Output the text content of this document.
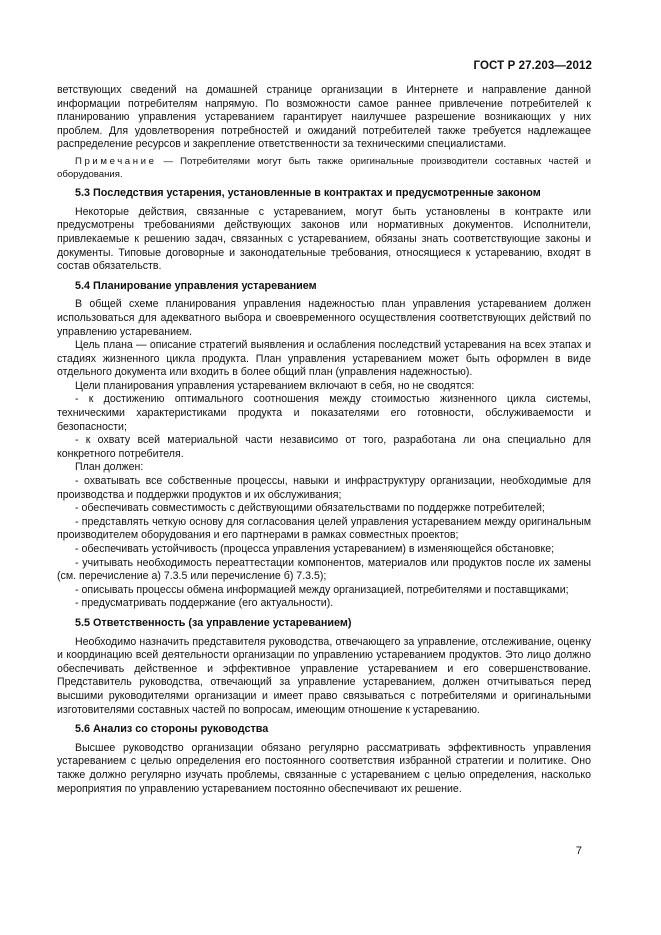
ГОСТ Р 27.203—2012

ветствующих сведений на домашней странице организации в Интернете и направление данной информации потребителям напрямую. По возможности самое раннее привлечение потребителей к планированию управления устареванием гарантирует наилучшее разрешение возникающих у них проблем. Для удовлетворения потребностей и ожиданий потребителей также требуется надлежащее распределение ресурсов и закрепление ответственности за техническими специалистами.

Примечание — Потребителями могут быть также оригинальные производители составных частей и оборудования.

5.3 Последствия устарения, установленные в контрактах и предусмотренные законом

Некоторые действия, связанные с устареванием, могут быть установлены в контракте или предусмотрены требованиями действующих законов или нормативных документов. Исполнители, привлекаемые к решению задач, связанных с устареванием, обязаны знать соответствующие законы и документы. Типовые договорные и законодательные требования, относящиеся к устареванию, входят в состав обязательств.

5.4 Планирование управления устареванием

В общей схеме планирования управления надежностью план управления устареванием должен использоваться для адекватного выбора и своевременного осуществления соответствующих действий по управлению устареванием.

Цель плана — описание стратегий выявления и ослабления последствий устаревания на всех этапах и стадиях жизненного цикла продукта. План управления устареванием может быть оформлен в виде отдельного документа или входить в более общий план (управления надежностью).

Цели планирования управления устареванием включают в себя, но не сводятся:

- к достижению оптимального соотношения между стоимостью жизненного цикла системы, техническими характеристиками продукта и показателями его готовности, обслуживаемости и безопасности;

- к охвату всей материальной части независимо от того, разработана ли она специально для конкретного потребителя.

План должен:

- охватывать все собственные процессы, навыки и инфраструктуру организации, необходимые для производства и поддержки продуктов и их обслуживания;

- обеспечивать совместимость с действующими обязательствами по поддержке потребителей;

- представлять четкую основу для согласования целей управления устареванием между оригинальным производителем оборудования и его партнерами в рамках совместных проектов;

- обеспечивать устойчивость (процесса управления устареванием) в изменяющейся обстановке;

- учитывать необходимость переаттестации компонентов, материалов или продуктов после их замены (см. перечисление а) 7.3.5 или перечисление б) 7.3.5);

- описывать процессы обмена информацией между организацией, потребителями и поставщиками;

- предусматривать поддержание (его актуальности).

5.5 Ответственность (за управление устареванием)

Необходимо назначить представителя руководства, отвечающего за управление, отслеживание, оценку и координацию всей деятельности организации по управлению устареванием продуктов. Это лицо должно обеспечивать действенное и эффективное управление устареванием и его совершенствование. Представитель руководства, отвечающий за управление устареванием, должен отчитываться перед высшими руководителями организации и имеет право связываться с потребителями и оригинальными изготовителями составных частей по вопросам, имеющим отношение к устареванию.

5.6 Анализ со стороны руководства

Высшее руководство организации обязано регулярно рассматривать эффективность управления устареванием с целью определения его постоянного соответствия избранной стратегии и политике. Оно также должно регулярно изучать проблемы, связанные с устареванием с целью определения, насколько мероприятия по управлению устареванием постоянно обеспечивают их решение.

7
